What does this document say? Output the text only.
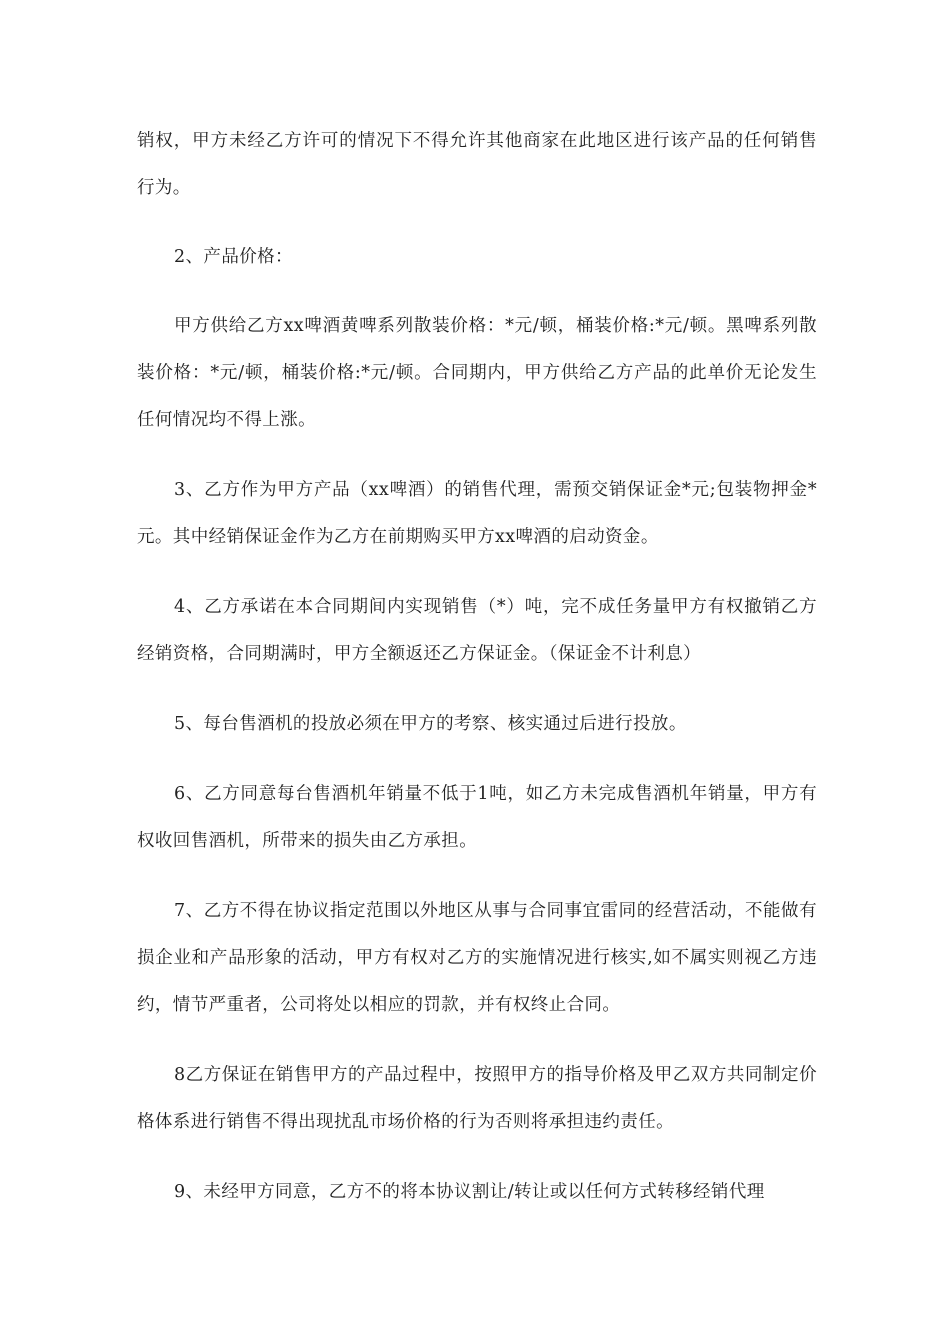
销权，甲方未经乙方许可的情况下不得允许其他商家在此地区进行该产品的任何销售行为。

2、产品价格：

甲方供给乙方xx啤酒黄啤系列散装价格：*元/顿，桶装价格:*元/顿。黑啤系列散装价格：*元/顿，桶装价格:*元/顿。合同期内，甲方供给乙方产品的此单价无论发生任何情况均不得上涨。

3、乙方作为甲方产品（xx啤酒）的销售代理，需预交销保证金*元;包装物押金*元。其中经销保证金作为乙方在前期购买甲方xx啤酒的启动资金。

4、乙方承诺在本合同期间内实现销售（*）吨，完不成任务量甲方有权撤销乙方经销资格，合同期满时，甲方全额返还乙方保证金。（保证金不计利息）

5、每台售酒机的投放必须在甲方的考察、核实通过后进行投放。

6、乙方同意每台售酒机年销量不低于1吨，如乙方未完成售酒机年销量，甲方有权收回售酒机，所带来的损失由乙方承担。

7、乙方不得在协议指定范围以外地区从事与合同事宜雷同的经营活动，不能做有损企业和产品形象的活动，甲方有权对乙方的实施情况进行核实,如不属实则视乙方违约，情节严重者，公司将处以相应的罚款，并有权终止合同。

8乙方保证在销售甲方的产品过程中，按照甲方的指导价格及甲乙双方共同制定价格体系进行销售不得出现扰乱市场价格的行为否则将承担违约责任。

9、未经甲方同意，乙方不的将本协议割让/转让或以任何方式转移经销代理
